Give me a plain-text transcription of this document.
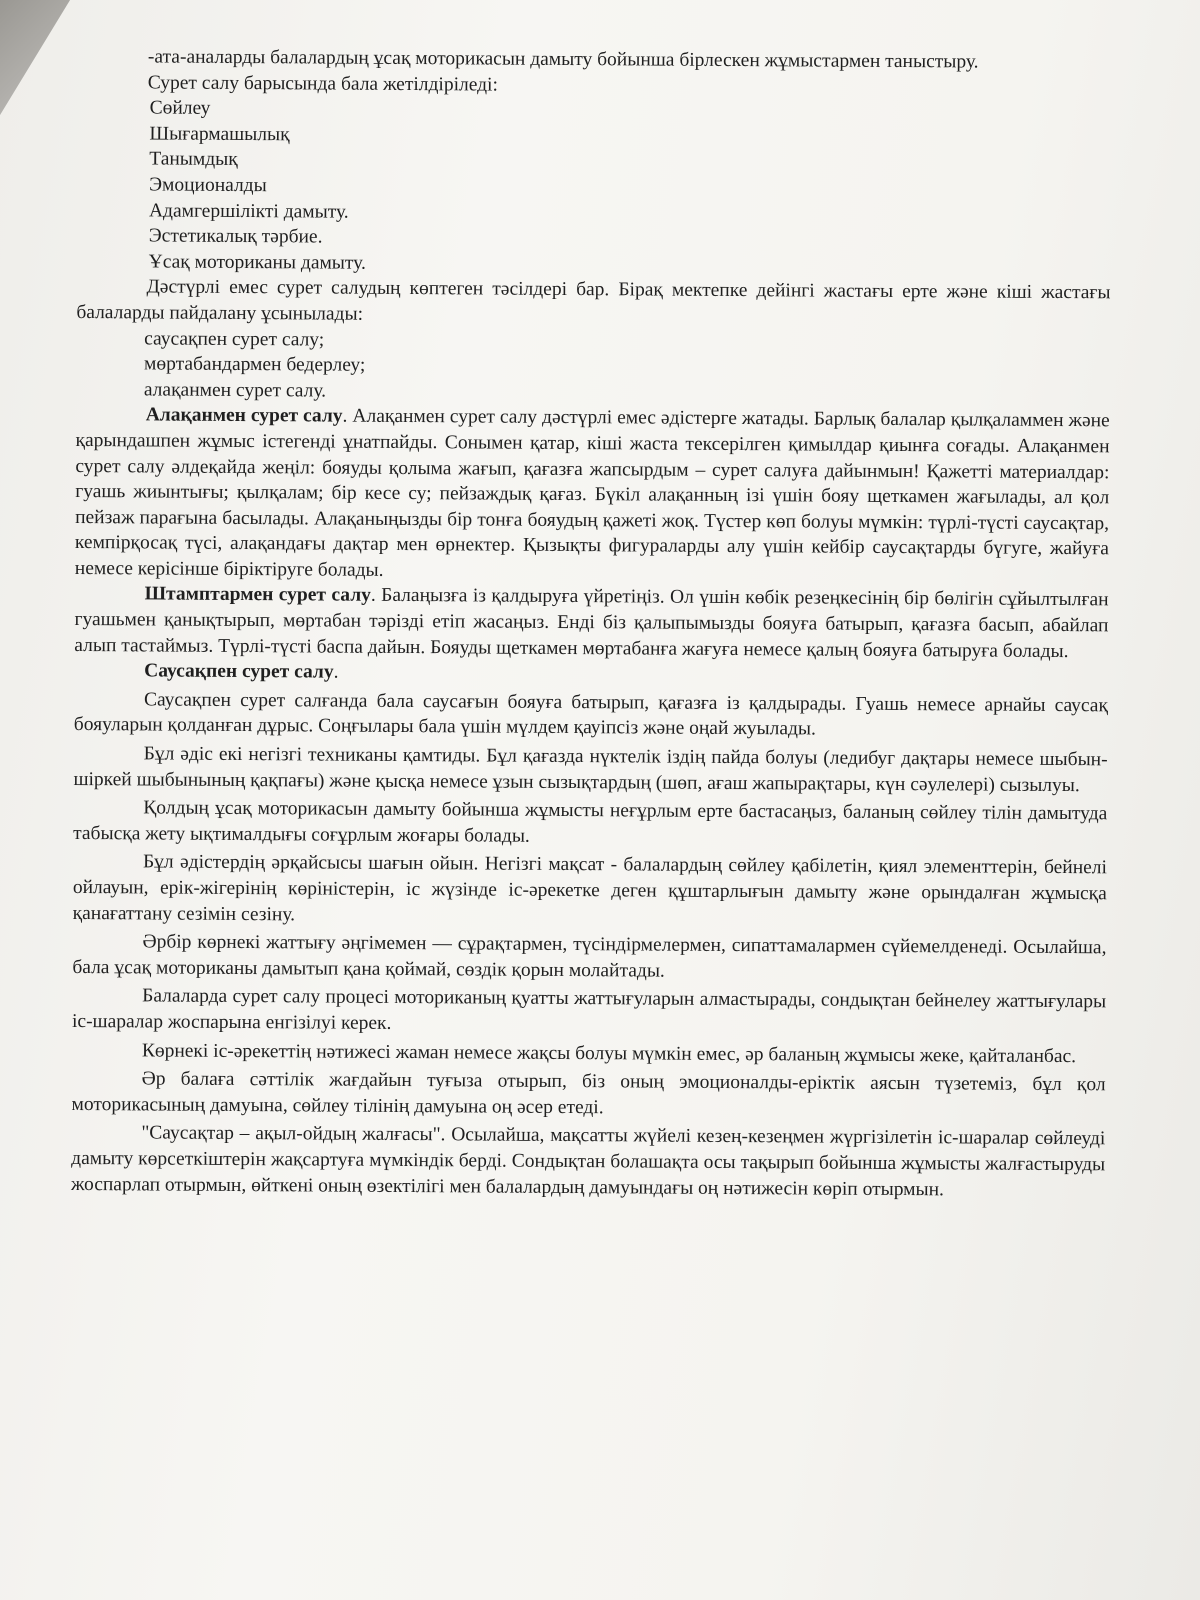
-ата-аналарды балалардың ұсақ моторикасын дамыту бойынша бірлескен жұмыстармен таныстыру.

Сурет салу барысында бала жетілдіріледі:

Сөйлеу

Шығармашылық

Танымдық

Эмоционалды

Адамгершілікті дамыту.

Эстетикалық тәрбие.

Ұсақ моториканы дамыту.

Дәстүрлі емес сурет салудың көптеген тәсілдері бар. Бірақ мектепке дейінгі жастағы ерте және кіші жастағы балаларды пайдалану ұсынылады:

саусақпен сурет салу;

мөртабандармен бедерлеу;

алақанмен сурет салу.

Алақанмен сурет салу. Алақанмен сурет салу дәстүрлі емес әдістерге жатады. Барлық балалар қылқаламмен және қарындашпен жұмыс істегенді ұнатпайды. Сонымен қатар, кіші жаста тексерілген қимылдар қиынға соғады. Алақанмен сурет салу әлдеқайда жеңіл: бояуды қолыма жағып, қағазға жапсырдым – сурет салуға дайынмын! Қажетті материалдар: гуашь жиынтығы; қылқалам; бір кесе су; пейзаждық қағаз. Бүкіл алақанның ізі үшін бояу щеткамен жағылады, ал қол пейзаж парағына басылады. Алақаныңызды бір тонға бояудың қажеті жоқ. Түстер көп болуы мүмкін: түрлі-түсті саусақтар, кемпірқосақ түсі, алақандағы дақтар мен өрнектер. Қызықты фигураларды алу үшін кейбір саусақтарды бүгуге, жайуға немесе керісінше біріктіруге болады.

Штамптармен сурет салу. Балаңызға із қалдыруға үйретіңіз. Ол үшін көбік резеңкесінің бір бөлігін сұйылтылған гуашьмен қанықтырып, мөртабан тәрізді етіп жасаңыз. Енді біз қалыпымызды бояуға батырып, қағазға басып, абайлап алып тастаймыз. Түрлі-түсті баспа дайын. Бояуды щеткамен мөртабанға жағуға немесе қалың бояуға батыруға болады.

Саусақпен сурет салу.

Саусақпен сурет салғанда бала саусағын бояуға батырып, қағазға із қалдырады. Гуашь немесе арнайы саусақ бояуларын қолданған дұрыс. Соңғылары бала үшін мүлдем қауіпсіз және оңай жуылады.

Бұл әдіс екі негізгі техниканы қамтиды. Бұл қағазда нүктелік іздің пайда болуы (ледибуг дақтары немесе шыбын-шіркей шыбынының қақпағы) және қысқа немесе ұзын сызықтардың (шөп, ағаш жапырақтары, күн сәулелері) сызылуы.

Қолдың ұсақ моторикасын дамыту бойынша жұмысты неғұрлым ерте бастасаңыз, баланың сөйлеу тілін дамытуда табысқа жету ықтималдығы соғұрлым жоғары болады.

Бұл әдістердің әрқайсысы шағын ойын. Негізгі мақсат - балалардың сөйлеу қабілетін, қиял элементтерін, бейнелі ойлауын, ерік-жігерінің көріністерін, іс жүзінде іс-әрекетке деген құштарлығын дамыту және орындалған жұмысқа қанағаттану сезімін сезіну.

Әрбір көрнекі жаттығу әңгімемен — сұрақтармен, түсіндірмелермен, сипаттамалармен сүйемелденеді. Осылайша, бала ұсақ моториканы дамытып қана қоймай, сөздік қорын молайтады.

Балаларда сурет салу процесі моториканың қуатты жаттығуларын алмастырады, сондықтан бейнелеу жаттығулары іс-шаралар жоспарына енгізілуі керек.

Көрнекі іс-әрекеттің нәтижесі жаман немесе жақсы болуы мүмкін емес, әр баланың жұмысы жеке, қайталанбас.

Әр балаға сәттілік жағдайын туғыза отырып, біз оның эмоционалды-еріктік аясын түзетеміз, бұл қол моторикасының дамуына, сөйлеу тілінің дамуына оң әсер етеді.

"Саусақтар – ақыл-ойдың жалғасы". Осылайша, мақсатты жүйелі кезең-кезеңмен жүргізілетін іс-шаралар сөйлеуді дамыту көрсеткіштерін жақсартуға мүмкіндік берді. Сондықтан болашақта осы тақырып бойынша жұмысты жалғастыруды жоспарлап отырмын, өйткені оның өзектілігі мен балалардың дамуындағы оң нәтижесін көріп отырмын.
